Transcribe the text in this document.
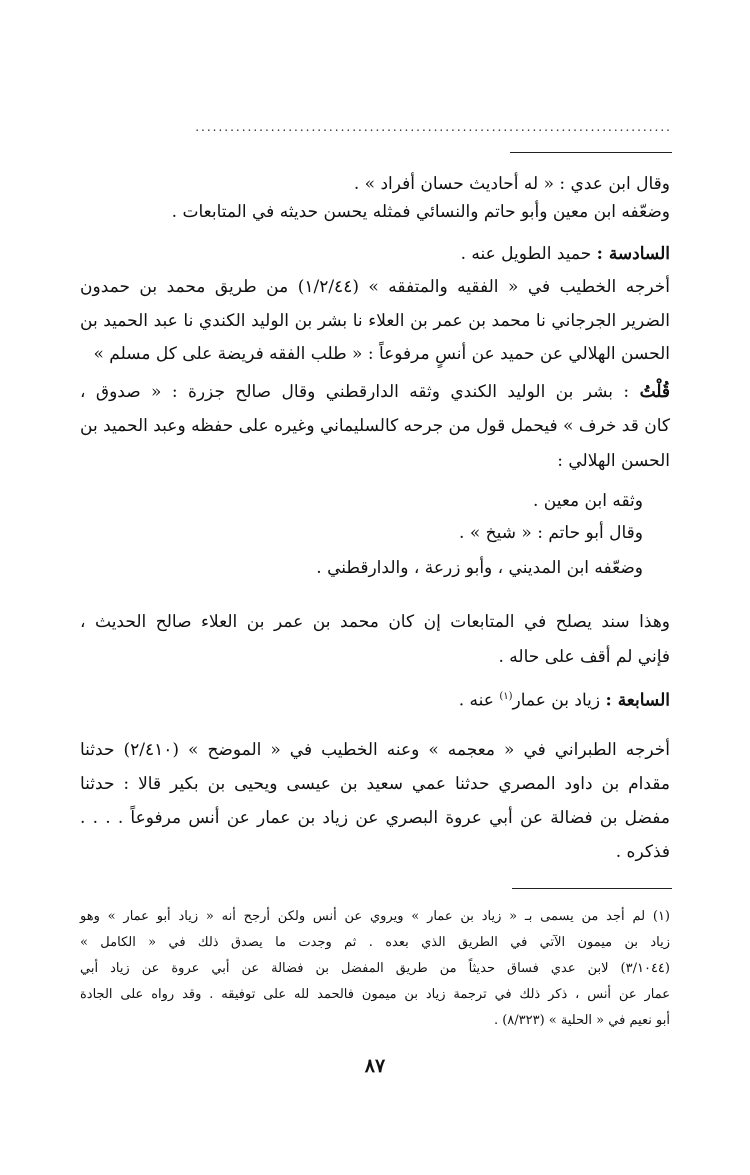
..................................................................................
وقال ابن عدي : « له أحاديث حسان أفراد » .
وضعّفه ابن معين وأبو حاتم والنسائي فمثله يحسن حديثه في المتابعات .
السادسة : حميد الطويل عنه .
أخرجه الخطيب في « الفقيه والمتفقه » (١/٢/٤٤) من طريق محمد بن حمدون
الضرير الجرجاني نا محمد بن عمر بن العلاء نا بشر بن الوليد الكندي نا عبد الحميد بن
الحسن الهلالي عن حميد عن أنسٍ مرفوعاً : « طلب الفقه فريضة على كل مسلم »
قُلْتُ : بشر بن الوليد الكندي وثقه الدارقطني وقال صالح جزرة : « صدوق ،
كان قد خرف » فيحمل قول من جرحه كالسليماني وغيره على حفظه وعبد الحميد بن
الحسن الهلالي :
وثقه ابن معين .
وقال أبو حاتم : « شيخ » .
وضعّفه ابن المديني ، وأبو زرعة ، والدارقطني .
وهذا سند يصلح في المتابعات إن كان محمد بن عمر بن العلاء صالح الحديث ،
فإني لم أقف على حاله .
السابعة : زياد بن عمار$^{(١)}$ عنه .
أخرجه الطبراني في « معجمه » وعنه الخطيب في « الموضح » (٢/٤١٠) حدثنا
مقدام بن داود المصري حدثنا عمي سعيد بن عيسى ويحيى بن بكير قالا : حدثنا
مفضل بن فضالة عن أبي عروة البصري عن زياد بن عمار عن أنس مرفوعاً . . . .
فذكره .
(١) لم أجد من يسمى بـ « زياد بن عمار » ويروي عن أنس ولكن أرجح أنه « زياد أبو عمار » وهو
زياد بن ميمون الآتي في الطريق الذي بعده . ثم وجدت ما يصدق ذلك في « الكامل »
(٣/١٠٤٤) لابن عدي فساق حديثاً من طريق المفضل بن فضالة عن أبي عروة عن زياد أبي
عمار عن أنس ، ذكر ذلك في ترجمة زياد بن ميمون فالحمد لله على توفيقه . وقد رواه على الجادة
أبو نعيم في « الحلية » (٨/٣٢٣) .
٨٧
